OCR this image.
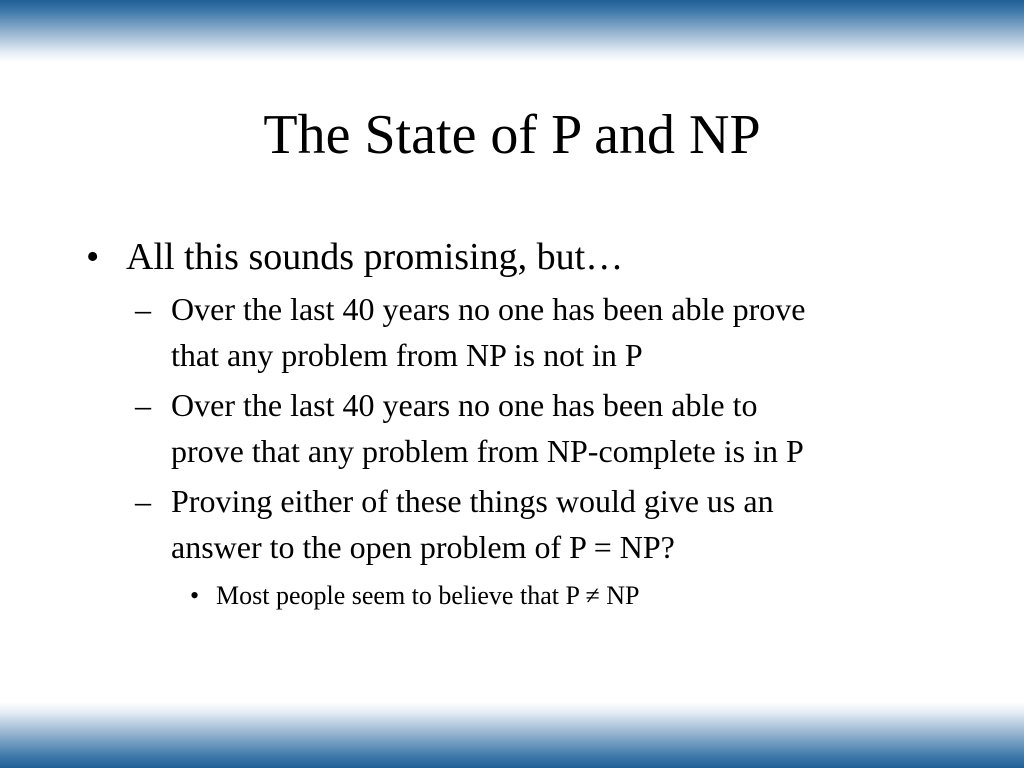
The State of P and NP
• All this sounds promising, but…
– Over the last 40 years no one has been able prove
that any problem from NP is not in P
– Over the last 40 years no one has been able to
prove that any problem from NP-complete is in P
– Proving either of these things would give us an
answer to the open problem of P = NP?
• Most people seem to believe that P ≠ NP
